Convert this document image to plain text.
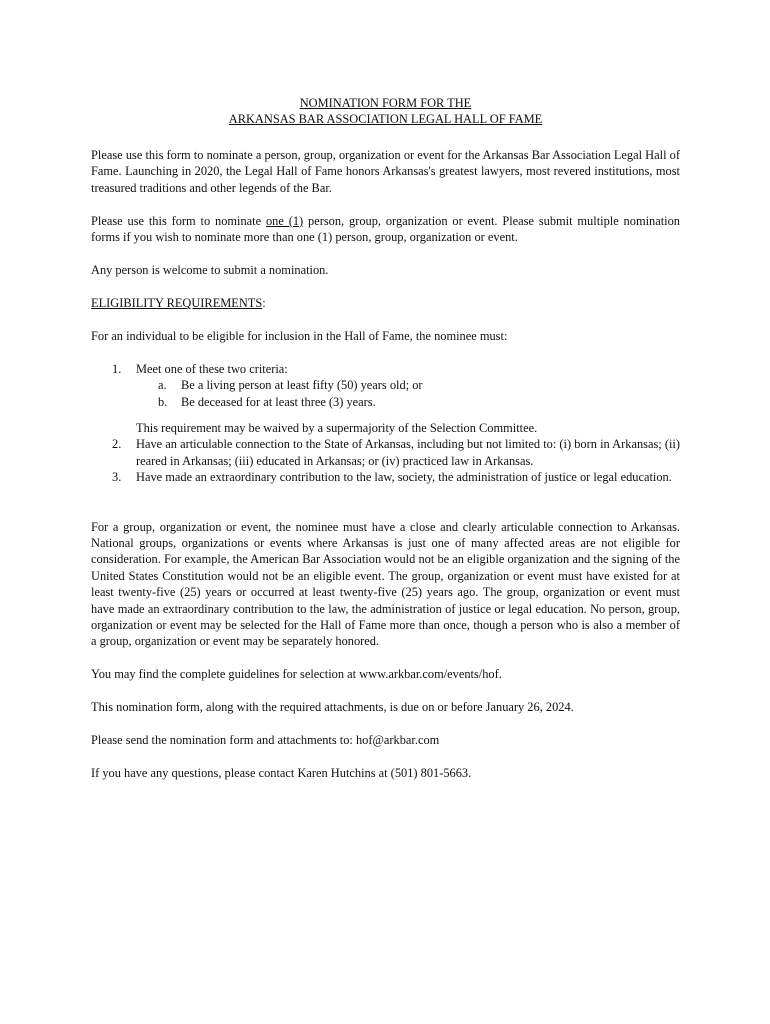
NOMINATION FORM FOR THE
ARKANSAS BAR ASSOCIATION LEGAL HALL OF FAME

Please use this form to nominate a person, group, organization or event for the Arkansas Bar Association Legal Hall of Fame. Launching in 2020, the Legal Hall of Fame honors Arkansas's greatest lawyers, most revered institutions, most treasured traditions and other legends of the Bar.

Please use this form to nominate one (1) person, group, organization or event. Please submit multiple nomination forms if you wish to nominate more than one (1) person, group, organization or event.

Any person is welcome to submit a nomination.

ELIGIBILITY REQUIREMENTS:

For an individual to be eligible for inclusion in the Hall of Fame, the nominee must:

1. Meet one of these two criteria:
a. Be a living person at least fifty (50) years old; or
b. Be deceased for at least three (3) years.
This requirement may be waived by a supermajority of the Selection Committee.
2. Have an articulable connection to the State of Arkansas, including but not limited to: (i) born in Arkansas; (ii) reared in Arkansas; (iii) educated in Arkansas; or (iv) practiced law in Arkansas.
3. Have made an extraordinary contribution to the law, society, the administration of justice or legal education.

For a group, organization or event, the nominee must have a close and clearly articulable connection to Arkansas. National groups, organizations or events where Arkansas is just one of many affected areas are not eligible for consideration. For example, the American Bar Association would not be an eligible organization and the signing of the United States Constitution would not be an eligible event. The group, organization or event must have existed for at least twenty-five (25) years or occurred at least twenty-five (25) years ago. The group, organization or event must have made an extraordinary contribution to the law, the administration of justice or legal education. No person, group, organization or event may be selected for the Hall of Fame more than once, though a person who is also a member of a group, organization or event may be separately honored.

You may find the complete guidelines for selection at www.arkbar.com/events/hof.

This nomination form, along with the required attachments, is due on or before January 26, 2024.

Please send the nomination form and attachments to: hof@arkbar.com

If you have any questions, please contact Karen Hutchins at (501) 801-5663.
